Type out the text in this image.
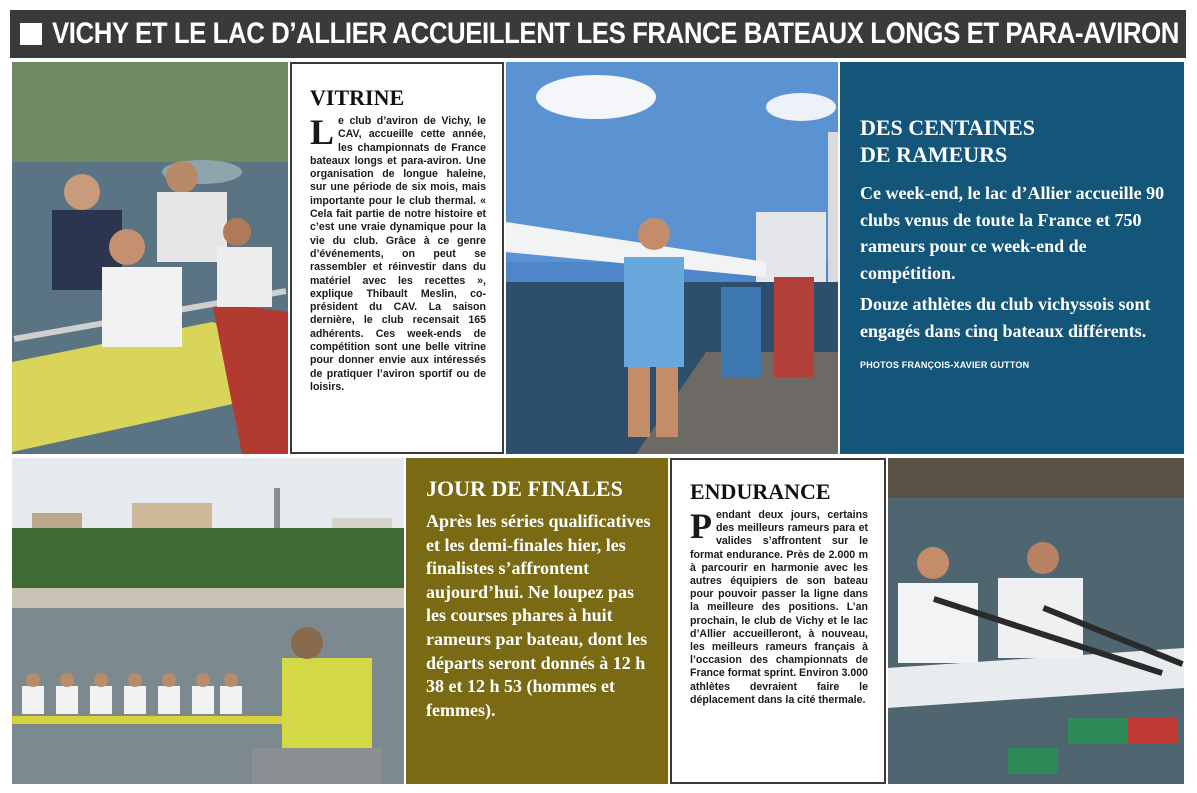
VICHY ET LE LAC D’ALLIER ACCUEILLENT LES FRANCE BATEAUX LONGS ET PARA-AVIRON
VITRINE

Le club d’aviron de Vichy, le CAV, accueille cette année, les championnats de France bateaux longs et para-aviron. Une organisation de longue haleine, sur une période de six mois, mais importante pour le club thermal. « Cela fait partie de notre histoire et c’est une vraie dynamique pour la vie du club. Grâce à ce genre d’événements, on peut se rassembler et réinvestir dans du matériel avec les recettes », explique Thibault Meslin, co-président du CAV. La saison dernière, le club recensait 165 adhérents. Ces week-ends de compétition sont une belle vitrine pour donner envie aux intéressés de pratiquer l’aviron sportif ou de loisirs.

DES CENTAINES
DE RAMEURS

Ce week-end, le lac d’Allier accueille 90 clubs venus de toute la France et 750 rameurs pour ce week-end de compétition.

Douze athlètes du club vichyssois sont engagés dans cinq bateaux différents.

PHOTOS FRANÇOIS-XAVIER GUTTON
JOUR DE FINALES

Après les séries qualificatives et les demi-finales hier, les finalistes s’affrontent aujourd’hui. Ne loupez pas les courses phares à huit rameurs par bateau, dont les départs seront donnés à 12 h 38 et 12 h 53 (hommes et femmes).

ENDURANCE

Pendant deux jours, certains des meilleurs rameurs para et valides s’affrontent sur le format endurance. Près de 2.000 m à parcourir en harmonie avec les autres équipiers de son bateau pour pouvoir passer la ligne dans la meilleure des positions. L’an prochain, le club de Vichy et le lac d’Allier accueilleront, à nouveau, les meilleurs rameurs français à l’occasion des championnats de France format sprint. Environ 3.000 athlètes devraient faire le déplacement dans la cité thermale.
